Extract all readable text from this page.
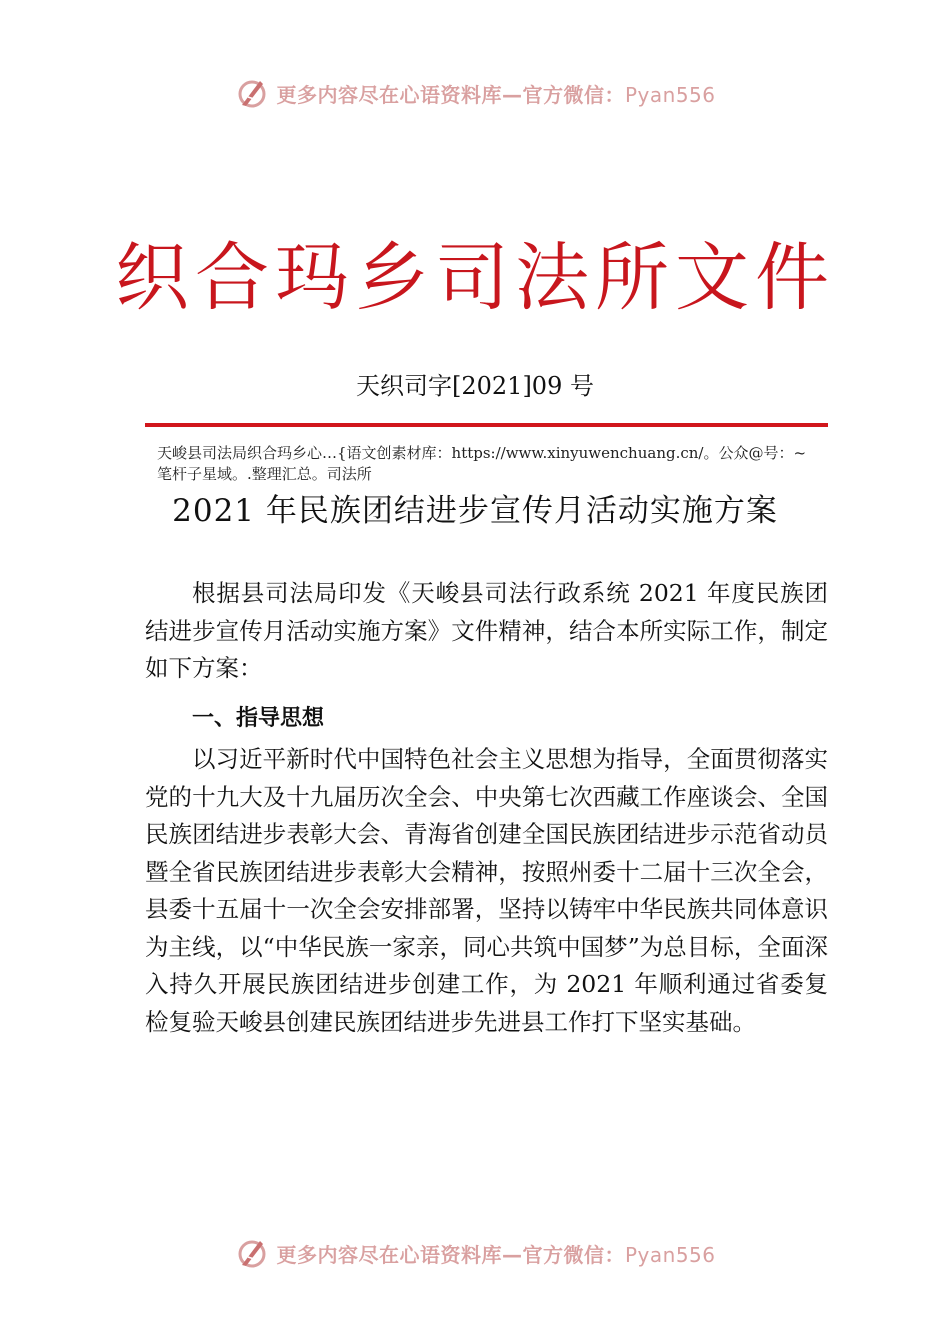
更多内容尽在心语资料库—官方微信：Pyan556
织合玛乡司法所文件
天织司字[2021]09 号
天峻县司法局织合玛乡心…{语文创素材库：https://www.xinyuwenchuang.cn/。公众@号：~笔杆子星域。.整理汇总。司法所
2021 年民族团结进步宣传月活动实施方案
根据县司法局印发《天峻县司法行政系统 2021 年度民族团结进步宣传月活动实施方案》文件精神，结合本所实际工作，制定如下方案：
一、指导思想
以习近平新时代中国特色社会主义思想为指导，全面贯彻落实党的十九大及十九届历次全会、中央第七次西藏工作座谈会、全国民族团结进步表彰大会、青海省创建全国民族团结进步示范省动员暨全省民族团结进步表彰大会精神，按照州委十二届十三次全会，县委十五届十一次全会安排部署，坚持以铸牢中华民族共同体意识为主线，以“中华民族一家亲，同心共筑中国梦”为总目标，全面深入持久开展民族团结进步创建工作，为 2021 年顺利通过省委复检复验天峻县创建民族团结进步先进县工作打下坚实基础。
更多内容尽在心语资料库—官方微信：Pyan556
